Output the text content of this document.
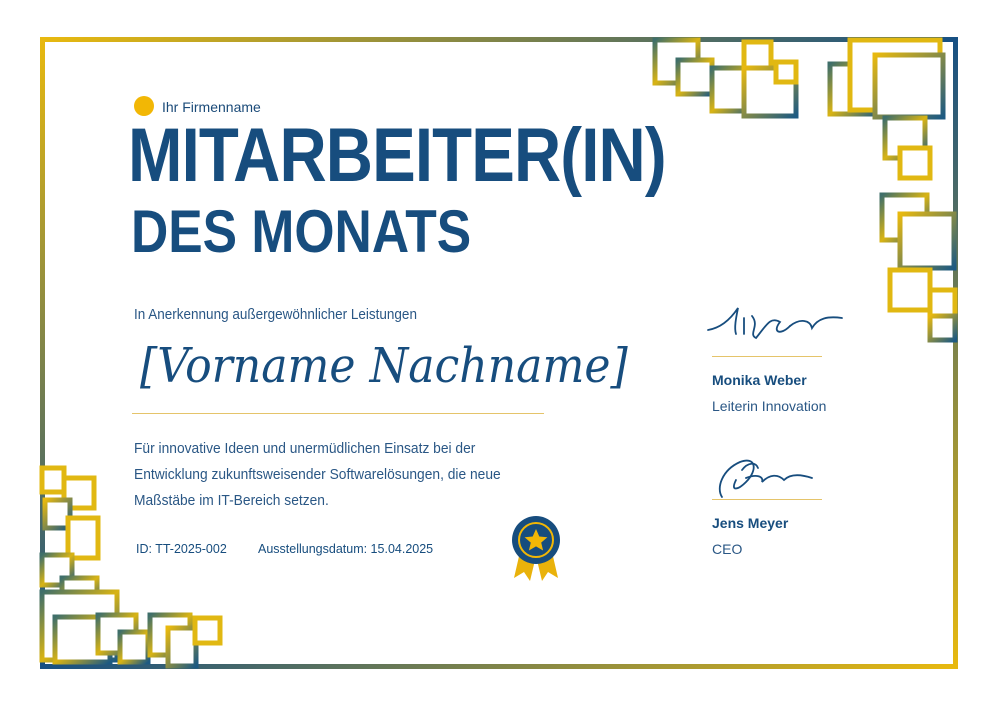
Ihr Firmenname
MITARBEITER(IN)
DES MONATS
In Anerkennung außergewöhnlicher Leistungen
[Vorname Nachname]
Für innovative Ideen und unermüdlichen Einsatz bei der
Entwicklung zukunftsweisender Softwarelösungen, die neue
Maßstäbe im IT-Bereich setzen.
ID: TT-2025-002 Ausstellungsdatum: 15.04.2025
Monika Weber
Leiterin Innovation
Jens Meyer
CEO
